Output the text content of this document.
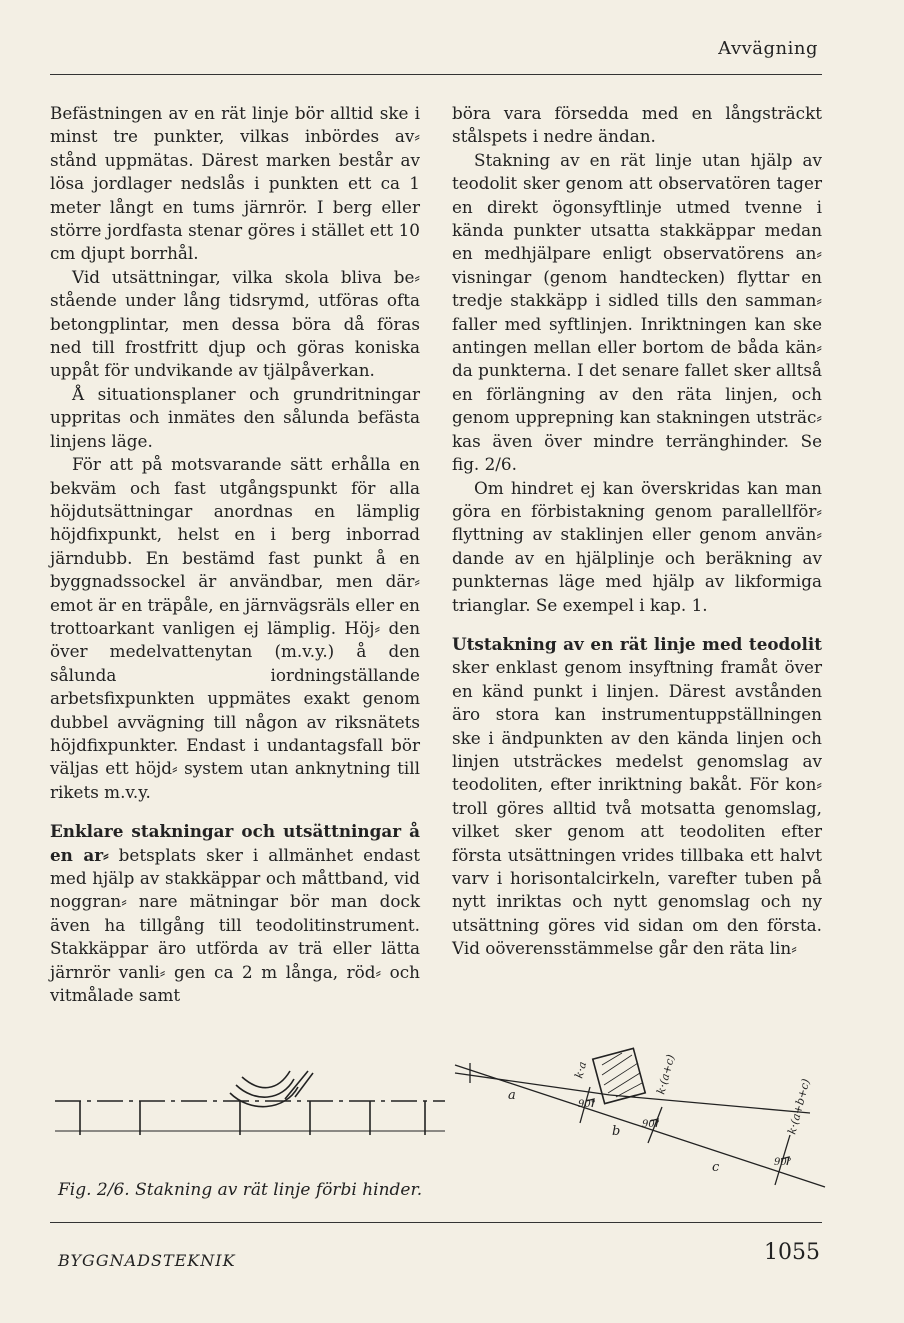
Avvägning

Befästningen av en rät linje bör alltid ske i minst tre punkter, vilkas inbördes av⸗ stånd uppmätas. Därest marken består av lösa jordlager nedslås i punkten ett ca 1 meter långt en tums järnrör. I berg eller större jordfasta stenar göres i stället ett 10 cm djupt borrhål.

Vid utsättningar, vilka skola bliva be⸗ stående under lång tidsrymd, utföras ofta betongplintar, men dessa böra då föras ned till frostfritt djup och göras koniska uppåt för undvikande av tjälpåverkan.

Å situationsplaner och grundritningar uppritas och inmätes den sålunda befästa linjens läge.

För att på motsvarande sätt erhålla en bekväm och fast utgångspunkt för alla höjdutsättningar anordnas en lämplig höjdfixpunkt, helst en i berg inborrad järndubb. En bestämd fast punkt å en byggnadssockel är användbar, men där⸗ emot är en träpåle, en järnvägsräls eller en trottoarkant vanligen ej lämplig. Höj⸗ den över medelvattenytan (m.v.y.) å den sålunda iordningställande arbetsfixpunkten uppmätes exakt genom dubbel avvägning till någon av riksnätets höjdfixpunkter. Endast i undantagsfall bör väljas ett höjd⸗ system utan anknytning till rikets m.v.y.

Enklare stakningar och utsättningar å en ar⸗ betsplats sker i allmänhet endast med hjälp av stakkäppar och måttband, vid noggran⸗ nare mätningar bör man dock även ha tillgång till teodolitinstrument. Stakkäppar äro utförda av trä eller lätta järnrör vanli⸗ gen ca 2 m långa, röd⸗ och vitmålade samt

böra vara försedda med en långsträckt stålspets i nedre ändan.

Stakning av en rät linje utan hjälp av teodolit sker genom att observatören tager en direkt ögonsyftlinje utmed tvenne i kända punkter utsatta stakkäppar medan en medhjälpare enligt observatörens an⸗ visningar (genom handtecken) flyttar en tredje stakkäpp i sidled tills den samman⸗ faller med syftlinjen. Inriktningen kan ske antingen mellan eller bortom de båda kän⸗ da punkterna. I det senare fallet sker alltså en förlängning av den räta linjen, och genom upprepning kan stakningen utsträc⸗ kas även över mindre terränghinder. Se fig. 2/6.

Om hindret ej kan överskridas kan man göra en förbistakning genom parallellför⸗ flyttning av staklinjen eller genom använ⸗ dande av en hjälplinje och beräkning av punkternas läge med hjälp av likformiga trianglar. Se exempel i kap. 1.

Utstakning av en rät linje med teodolit sker enklast genom insyftning framåt över en känd punkt i linjen. Därest avstånden äro stora kan instrumentuppställningen ske i ändpunkten av den kända linjen och linjen utsträckes medelst genomslag av teodoliten, efter inriktning bakåt. För kon⸗ troll göres alltid två motsatta genomslag, vilket sker genom att teodoliten efter första utsättningen vrides tillbaka ett halvt varv i horisontalcirkeln, varefter tuben på nytt inriktas och nytt genomslag och ny utsättning göres vid sidan om den första. Vid oöverensstämmelse går den räta lin⸗

a
b
c
k·a	k·(a+c)
k·(a+b+c)
90°
90°
90°
Fig. 2/6. Stakning av rät linje förbi hinder.
BYGGNADSTEKNIK	1055
